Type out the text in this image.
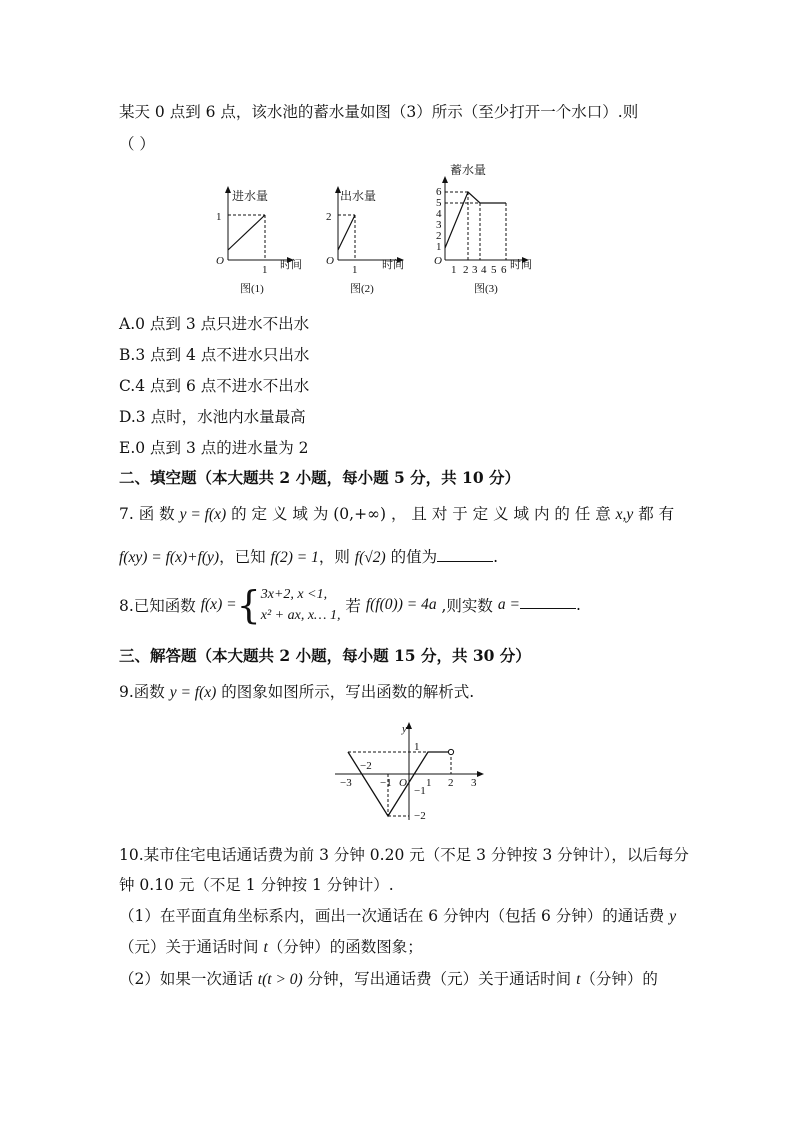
某天 0 点到 6 点，该水池的蓄水量如图（3）所示（至少打开一个水口）.则
（ ）
进水量
1
O
1 时间
图(1)
出水量
2
O
1 时间
图(2)
蓄水量
6
5
4
3
2
1
O
1 2 3 4 5 6 时间
图(3)
A.0 点到 3 点只进水不出水
B.3 点到 4 点不进水只出水
C.4 点到 6 点不进水不出水
D.3 点时，水池内水量最高
E.0 点到 3 点的进水量为 2
二、填空题（本大题共 2 小题，每小题 5 分，共 10 分）
7. 函 数 y = f(x) 的 定 义 域 为 (0,+∞) ， 且 对 于 定 义 域 内 的 任 意 x,y 都 有
f(xy) = f(x)+f(y)，已知 f(2) = 1，则 f(√2) 的值为	.
8.已知函数 f(x) ={3x+2, x <1,
x² + ax, x… 1, 若 f(f(0)) = 4a ,则实数 a =	.
三、解答题（本大题共 2 小题，每小题 15 分，共 30 分）
9.函数 y = f(x) 的图象如图所示，写出函数的解析式.
y
1
−1
−2
−3
−2
−1 O 1 2 3
10.某市住宅电话通话费为前 3 分钟 0.20 元（不足 3 分钟按 3 分钟计），以后每分
钟 0.10 元（不足 1 分钟按 1 分钟计）.
（1）在平面直角坐标系内，画出一次通话在 6 分钟内（包括 6 分钟）的通话费 y
（元）关于通话时间 t（分钟）的函数图象；
（2）如果一次通话 t(t > 0) 分钟，写出通话费（元）关于通话时间 t（分钟）的
